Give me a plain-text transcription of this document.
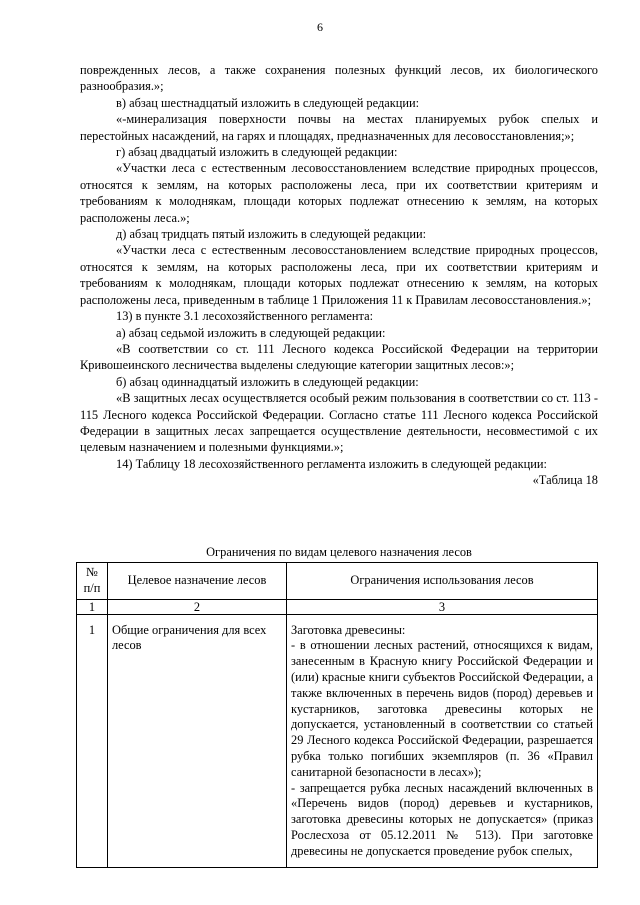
6

поврежденных лесов, а также сохранения полезных функций лесов, их биологического разнообразия.»;

в) абзац шестнадцатый изложить в следующей редакции:

«-минерализация поверхности почвы на местах планируемых рубок спелых и перестойных насаждений, на гарях и площадях, предназначенных для лесовосстановления;»;

г) абзац двадцатый изложить в следующей редакции:

«Участки леса с естественным лесовосстановлением вследствие природных процессов, относятся к землям, на которых расположены леса, при их соответствии критериям и требованиям к молоднякам, площади которых подлежат отнесению к землям, на которых расположены леса.»;

д) абзац тридцать пятый изложить в следующей редакции:

«Участки леса с естественным лесовосстановлением вследствие природных процессов, относятся к землям, на которых расположены леса, при их соответствии критериям и требованиям к молоднякам, площади которых подлежат отнесению к землям, на которых расположены леса, приведенным в таблице 1 Приложения 11 к Правилам лесовосстановления.»;

13) в пункте 3.1 лесохозяйственного регламента:

а) абзац седьмой изложить в следующей редакции:

«В соответствии со ст. 111 Лесного кодекса Российской Федерации на территории Кривошеинского лесничества выделены следующие категории защитных лесов:»;

б) абзац одиннадцатый изложить в следующей редакции:

«В защитных лесах осуществляется особый режим пользования в соответствии со ст. 113 - 115 Лесного кодекса Российской Федерации. Согласно статье 111 Лесного кодекса Российской Федерации в защитных лесах запрещается осуществление деятельности, несовместимой с их целевым назначением и полезными функциями.»;

14) Таблицу 18 лесохозяйственного регламента изложить в следующей редакции:

«Таблица 18

Ограничения по видам целевого назначения лесов
№ п/п	Целевое назначение лесов	Ограничения использования лесов
1	2	3
1	Общие ограничения для всех лесов	Заготовка древесины:

- в отношении лесных растений, относящихся к видам, занесенным в Красную книгу Российской Федерации и (или) красные книги субъектов Российской Федерации, а также включенных в перечень видов (пород) деревьев и кустарников, заготовка древесины которых не допускается, установленный в соответствии со статьей 29 Лесного кодекса Российской Федерации, разрешается рубка только погибших экземпляров (п. 36 «Правил санитарной безопасности в лесах»);

- запрещается рубка лесных насаждений включенных в «Перечень видов (пород) деревьев и кустарников, заготовка древесины которых не допускается» (приказ Рослесхоза от 05.12.2011 № 513). При заготовке древесины не допускается проведение рубок спелых,
